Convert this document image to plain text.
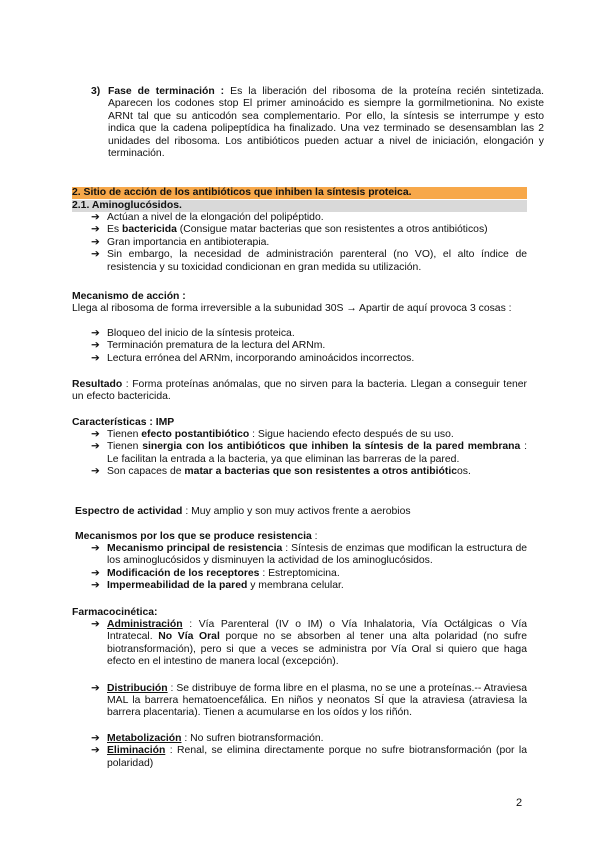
3) Fase de terminación : Es la liberación del ribosoma de la proteína recién sintetizada. Aparecen los codones stop El primer aminoácido es siempre la gormilmetionina. No existe ARNt tal que su anticodón sea complementario. Por ello, la síntesis se interrumpe y esto indica que la cadena polipeptídica ha finalizado. Una vez terminado se desensamblan las 2 unidades del ribosoma. Los antibióticos pueden actuar a nivel de iniciación, elongación y terminación.
2. Sitio de acción de los antibióticos que inhiben la síntesis proteica.
2.1. Aminoglucósidos.
➔ Actúan a nivel de la elongación del polipéptido.
➔ Es bactericida (Consigue matar bacterias que son resistentes a otros antibióticos)
➔ Gran importancia en antibioterapia.
➔ Sin embargo, la necesidad de administración parenteral (no VO), el alto índice de resistencia y su toxicidad condicionan en gran medida su utilización.
Mecanismo de acción :
Llega al ribosoma de forma irreversible a la subunidad 30S → Apartir de aquí provoca 3 cosas :
➔ Bloqueo del inicio de la síntesis proteica.
➔ Terminación prematura de la lectura del ARNm.
➔ Lectura errónea del ARNm, incorporando aminoácidos incorrectos.
Resultado : Forma proteínas anómalas, que no sirven para la bacteria. Llegan a conseguir tener un efecto bactericida.
Características : IMP
➔ Tienen efecto postantibiótico : Sigue haciendo efecto después de su uso.
➔ Tienen sinergia con los antibióticos que inhiben la síntesis de la pared membrana : Le facilitan la entrada a la bacteria, ya que eliminan las barreras de la pared.
➔ Son capaces de matar a bacterias que son resistentes a otros antibióticos.
Espectro de actividad : Muy amplio y son muy activos frente a aerobios
Mecanismos por los que se produce resistencia :
➔ Mecanismo principal de resistencia : Síntesis de enzimas que modifican la estructura de los aminoglucósidos y disminuyen la actividad de los aminoglucósidos.
➔ Modificación de los receptores : Estreptomicina.
➔ Impermeabilidad de la pared y membrana celular.
Farmacocinética:
➔ Administración : Vía Parenteral (IV o IM) o Vía Inhalatoria, Vía Octálgicas o Vía Intratecal. No Vía Oral porque no se absorben al tener una alta polaridad (no sufre biotransformación), pero si que a veces se administra por Vía Oral si quiero que haga efecto en el intestino de manera local (excepción).
➔ Distribución : Se distribuye de forma libre en el plasma, no se une a proteínas.-- Atraviesa MAL la barrera hematoencefálica. En niños y neonatos SÍ que la atraviesa (atraviesa la barrera placentaria). Tienen a acumularse en los oídos y los riñón.
➔ Metabolización : No sufren biotransformación.
➔ Eliminación : Renal, se elimina directamente porque no sufre biotransformación (por la polaridad)
2
